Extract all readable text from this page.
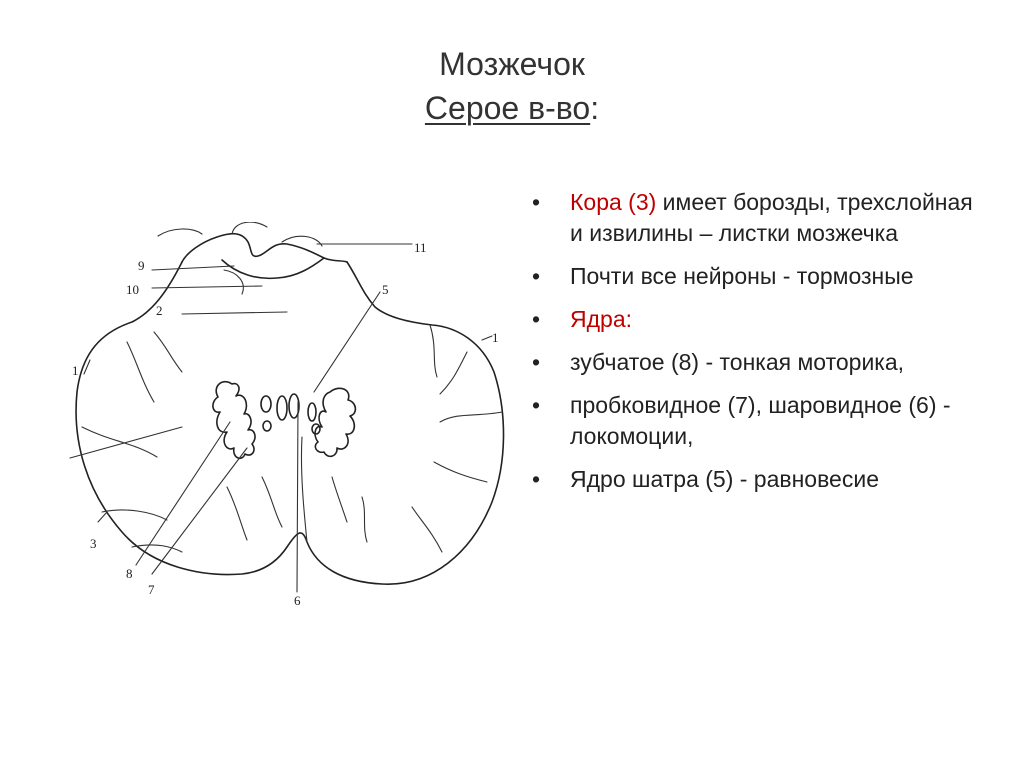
Мозжечок
Серое в-во:
1
2
3
5
6
7
8
9
10
11
1
• Кора (3) имеет борозды, трехслойная и извилины – листки мозжечка
• Почти все нейроны - тормозные
• Ядра:
• зубчатое (8) - тонкая моторика,
• пробковидное (7), шаровидное (6) - локомоции,
• Ядро шатра (5) - равновесие
